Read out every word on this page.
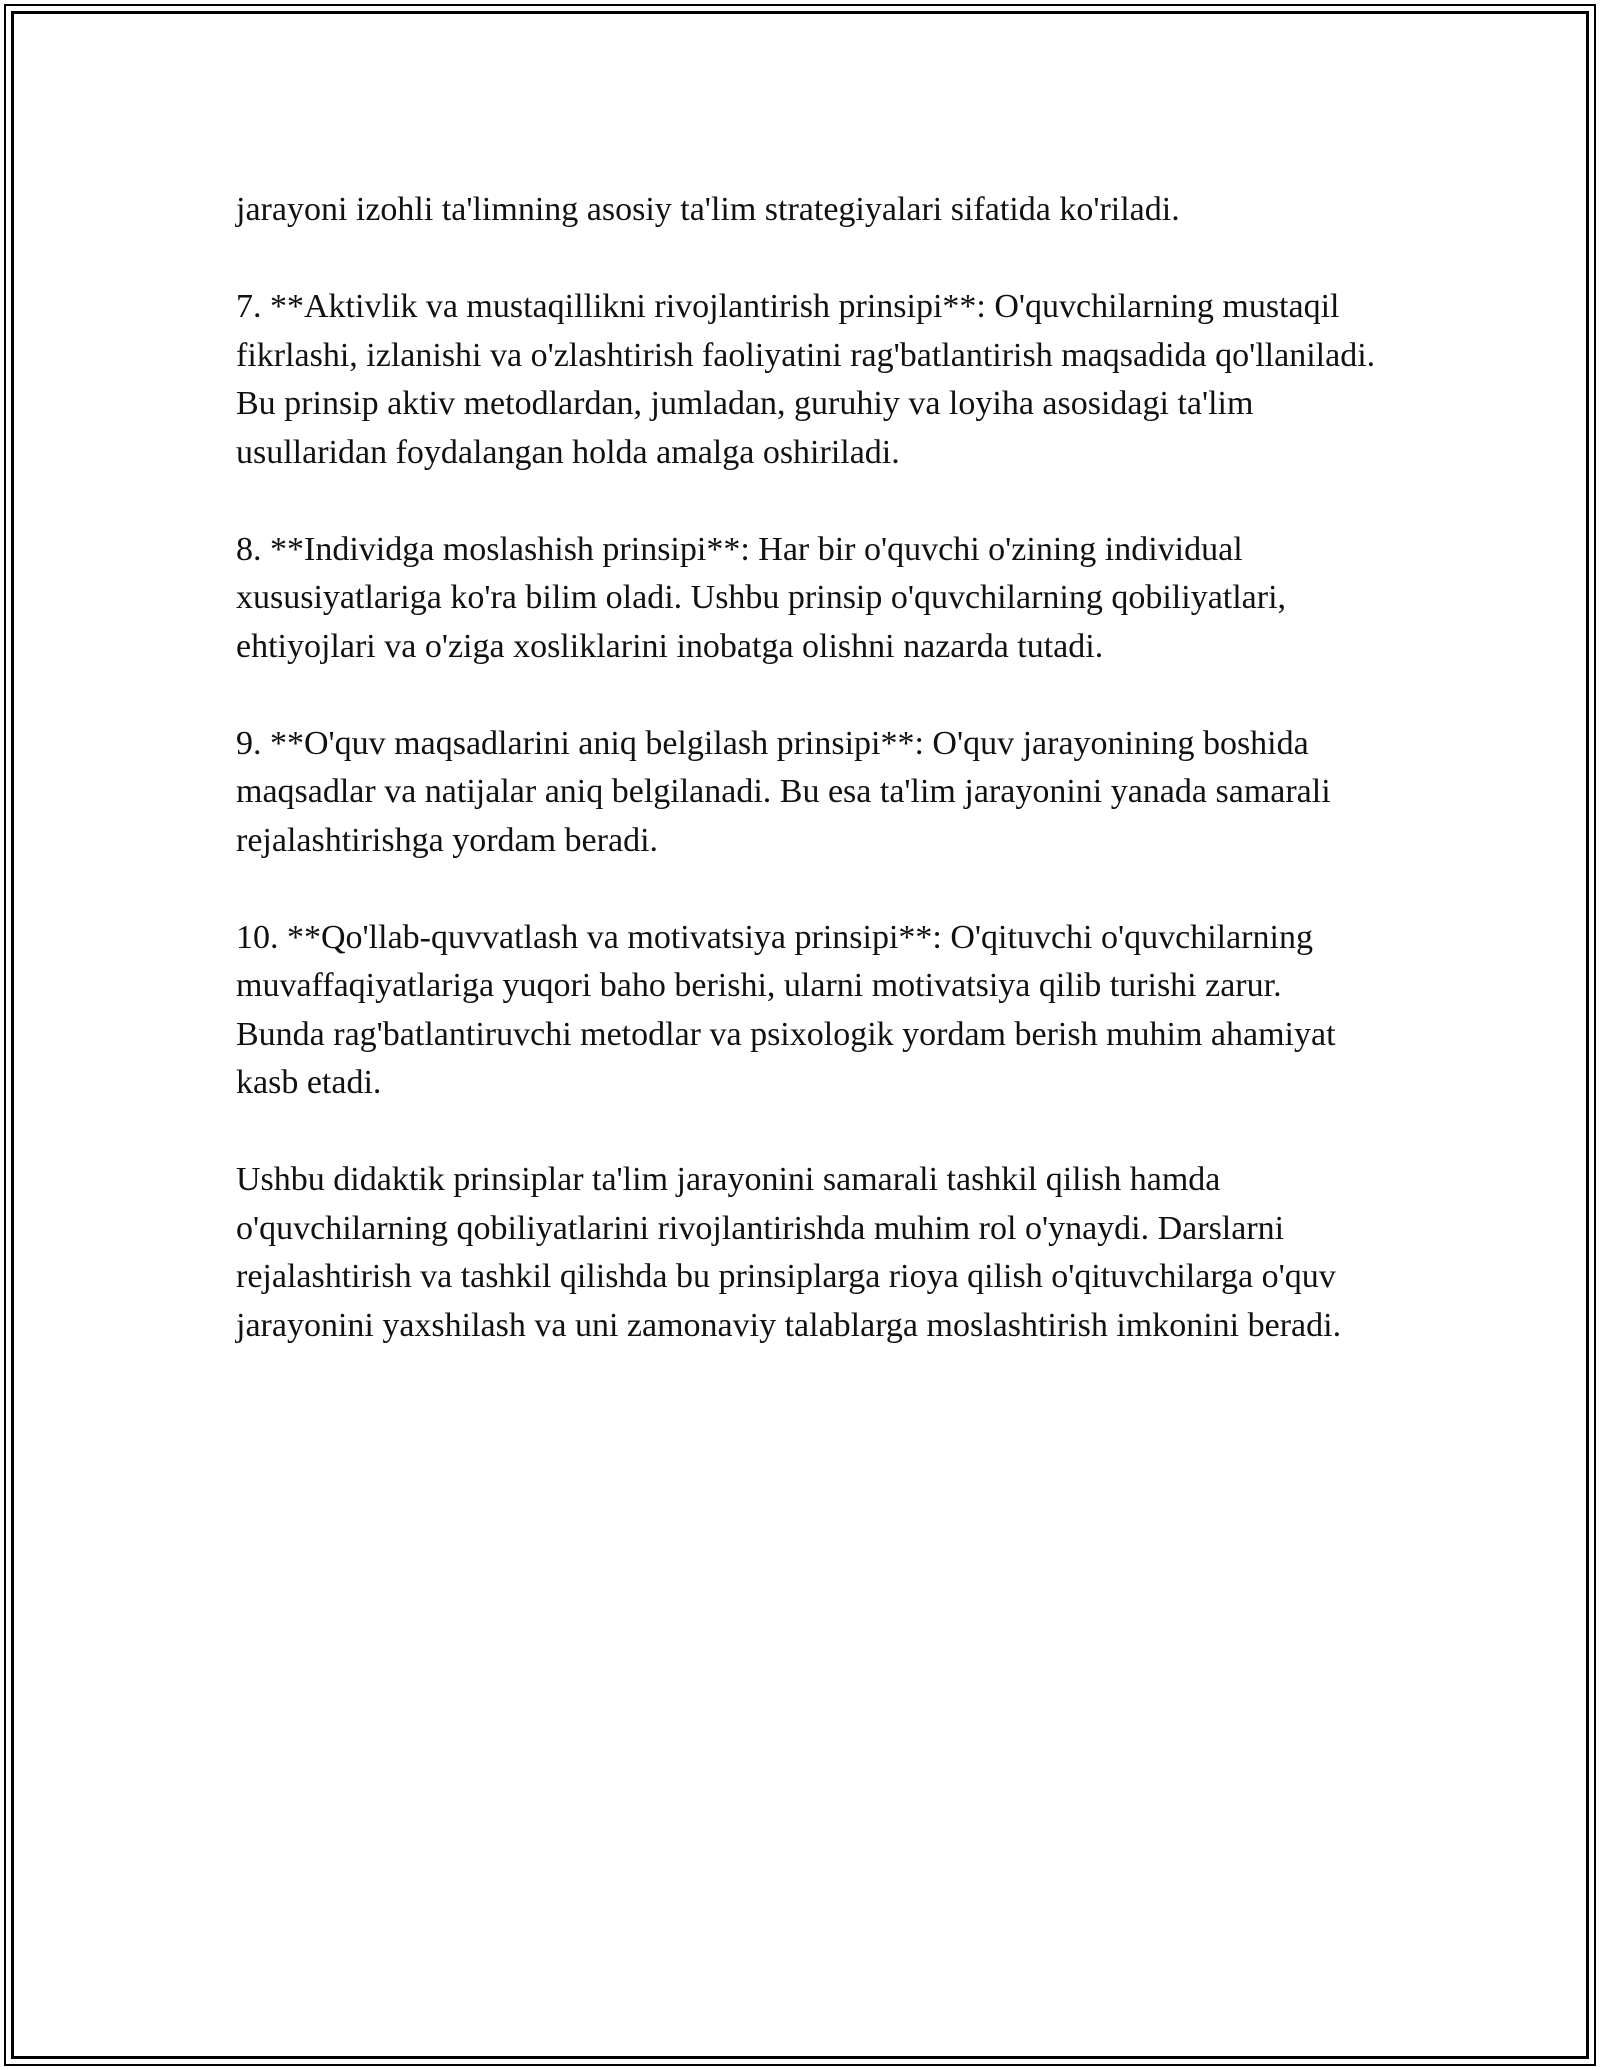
jarayoni izohli ta'limning asosiy ta'lim strategiyalari sifatida ko'riladi.

7. **Aktivlik va mustaqillikni rivojlantirish prinsipi**: O'quvchilarning mustaqil fikrlashi, izlanishi va o'zlashtirish faoliyatini rag'batlantirish maqsadida qo'llaniladi. Bu prinsip aktiv metodlardan, jumladan, guruhiy va loyiha asosidagi ta'lim usullaridan foydalangan holda amalga oshiriladi.

8. **Individga moslashish prinsipi**: Har bir o'quvchi o'zining individual xususiyatlariga ko'ra bilim oladi. Ushbu prinsip o'quvchilarning qobiliyatlari, ehtiyojlari va o'ziga xosliklarini inobatga olishni nazarda tutadi.

9. **O'quv maqsadlarini aniq belgilash prinsipi**: O'quv jarayonining boshida maqsadlar va natijalar aniq belgilanadi. Bu esa ta'lim jarayonini yanada samarali rejalashtirishga yordam beradi.

10. **Qo'llab-quvvatlash va motivatsiya prinsipi**: O'qituvchi o'quvchilarning muvaffaqiyatlariga yuqori baho berishi, ularni motivatsiya qilib turishi zarur. Bunda rag'batlantiruvchi metodlar va psixologik yordam berish muhim ahamiyat kasb etadi.

Ushbu didaktik prinsiplar ta'lim jarayonini samarali tashkil qilish hamda o'quvchilarning qobiliyatlarini rivojlantirishda muhim rol o'ynaydi. Darslarni rejalashtirish va tashkil qilishda bu prinsiplarga rioya qilish o'qituvchilarga o'quv jarayonini yaxshilash va uni zamonaviy talablarga moslashtirish imkonini beradi.
